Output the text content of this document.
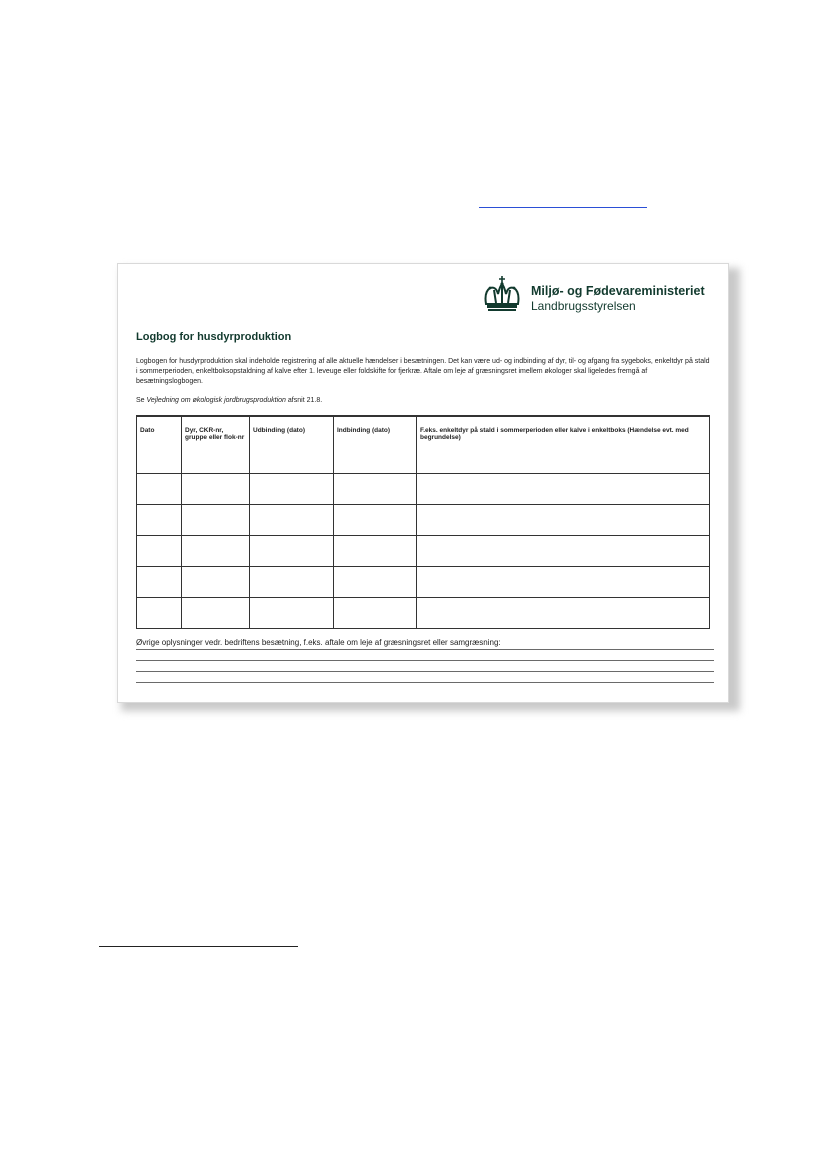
Miljø- og Fødevareministeriet
Landbrugsstyrelsen
Logbog for husdyrproduktion
Logbogen for husdyrproduktion skal indeholde registrering af alle aktuelle hændelser i besætningen. Det kan være ud- og indbinding af dyr, til- og afgang fra sygeboks, enkeltdyr på stald i sommerperioden, enkeltboksopstaldning af kalve efter 1. leveuge eller foldskifte for fjerkræ. Aftale om leje af græsningsret imellem økologer skal ligeledes fremgå af besætningslogbogen.
Se Vejledning om økologisk jordbrugsproduktion afsnit 21.8.
Dato	Dyr, CKR-nr, gruppe eller flok-nr	Udbinding (dato)	Indbinding (dato)	F.eks. enkeltdyr på stald i sommerperioden eller kalve i enkeltboks (Hændelse evt. med begrundelse)

Øvrige oplysninger vedr. bedriftens besætning, f.eks. aftale om leje af græsningsret eller samgræsning:
